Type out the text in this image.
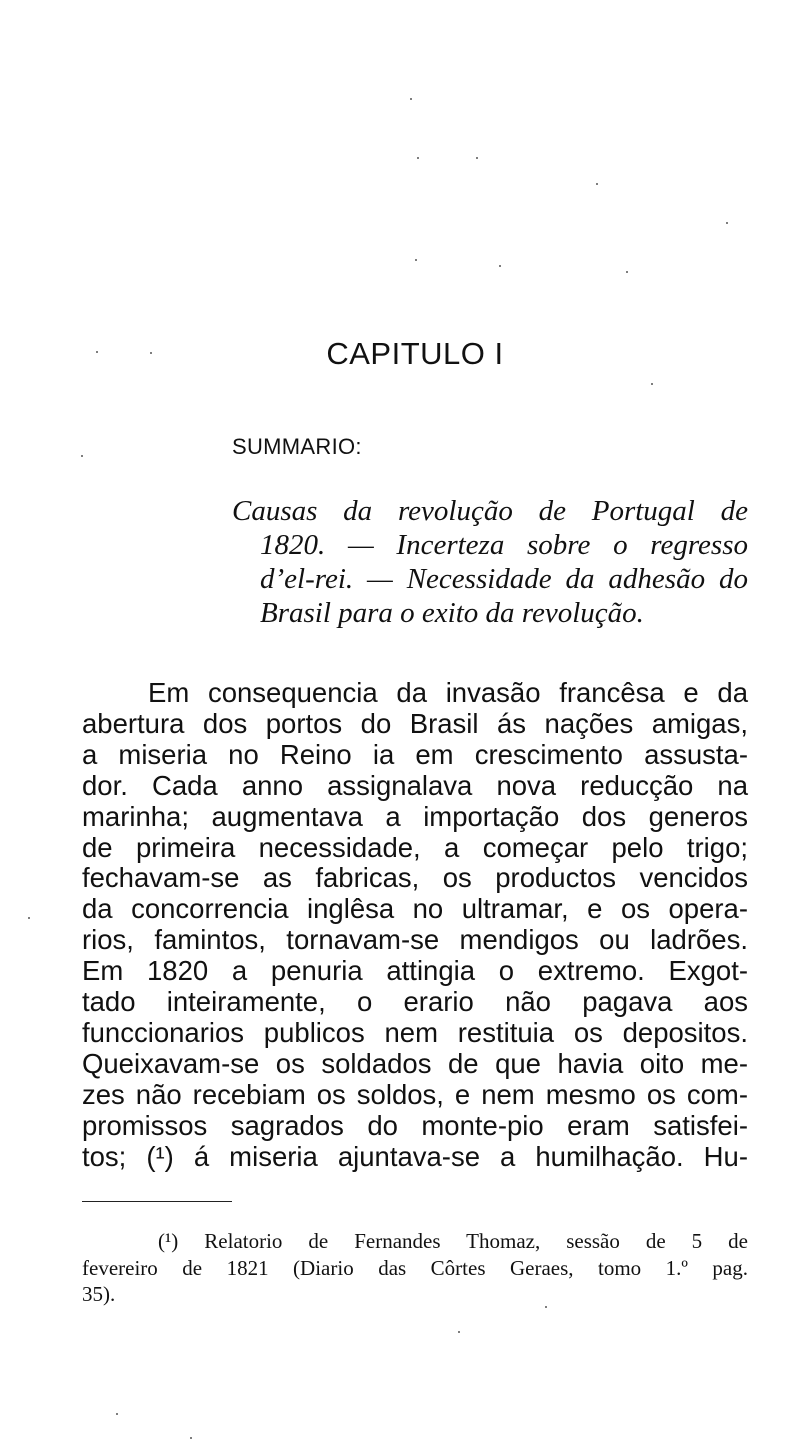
CAPITULO I
SUMMARIO:
Causas da revolução de Portugal de
1820. — Incerteza sobre o regresso
d’el-rei. — Necessidade da adhesão do
Brasil para o exito da revolução.
Em consequencia da invasão francêsa e da
abertura dos portos do Brasil ás nações amigas,
a miseria no Reino ia em crescimento assusta-
dor. Cada anno assignalava nova reducção na
marinha; augmentava a importação dos generos
de primeira necessidade, a começar pelo trigo;
fechavam-se as fabricas, os productos vencidos
da concorrencia inglêsa no ultramar, e os opera-
rios, famintos, tornavam-se mendigos ou ladrões.
Em 1820 a penuria attingia o extremo. Exgot-
tado inteiramente, o erario não pagava aos
funccionarios publicos nem restituia os depositos.
Queixavam-se os soldados de que havia oito me-
zes não recebiam os soldos, e nem mesmo os com-
promissos sagrados do monte-pio eram satisfei-
tos; (¹) á miseria ajuntava-se a humilhação. Hu-
(¹) Relatorio de Fernandes Thomaz, sessão de 5 de
fevereiro de 1821 (Diario das Côrtes Geraes, tomo 1.º pag.
35).
